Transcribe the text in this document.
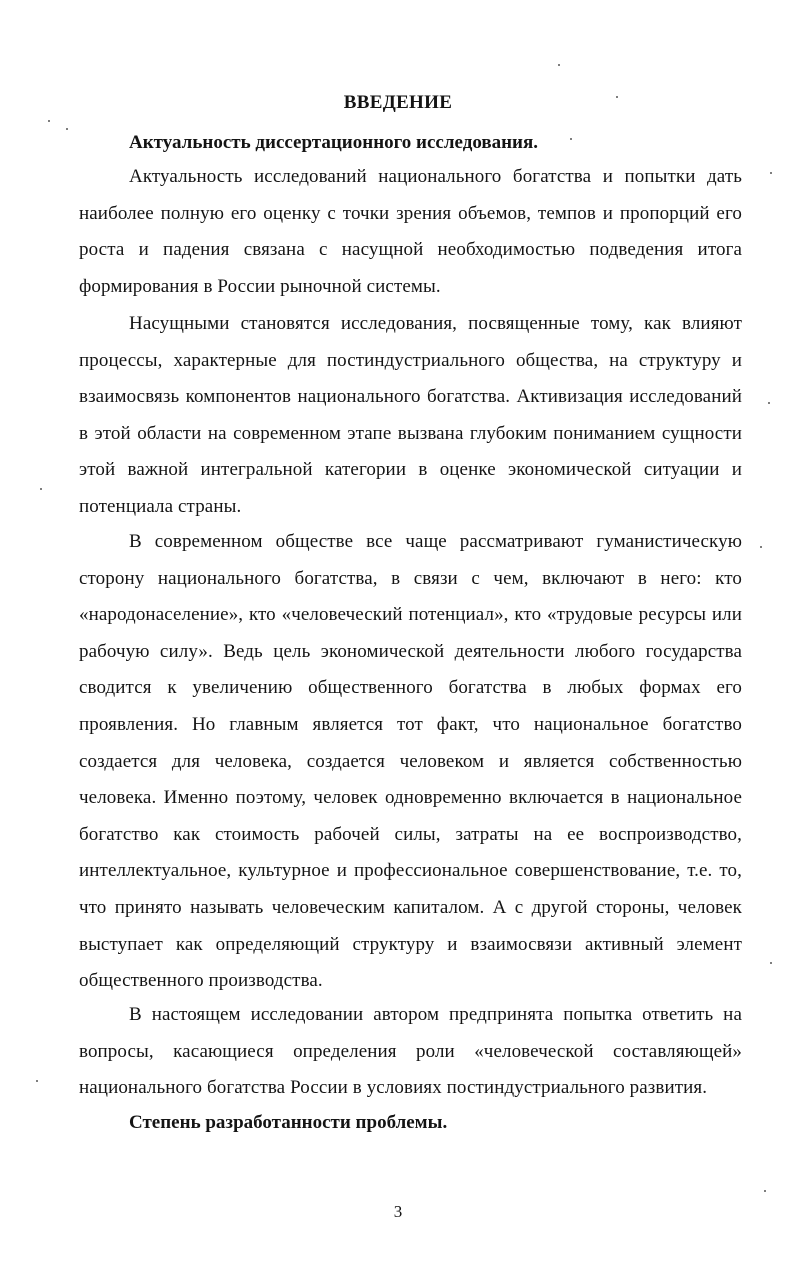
ВВЕДЕНИЕ

Актуальность диссертационного исследования.

Актуальность исследований национального богатства и попытки дать наиболее полную его оценку с точки зрения объемов, темпов и пропорций его роста и падения связана с насущной необходимостью подведения итога формирования в России рыночной системы.

Насущными становятся исследования, посвященные тому, как влияют процессы, характерные для постиндустриального общества, на структуру и взаимосвязь компонентов национального богатства. Активизация исследований в этой области на современном этапе вызвана глубоким пониманием сущности этой важной интегральной категории в оценке экономической ситуации и потенциала страны.

В современном обществе все чаще рассматривают гуманистическую сторону национального богатства, в связи с чем, включают в него: кто «народонаселение», кто «человеческий потенциал», кто «трудовые ресурсы или рабочую силу». Ведь цель экономической деятельности любого государства сводится к увеличению общественного богатства в любых формах его проявления. Но главным является тот факт, что национальное богатство создается для человека, создается человеком и является собственностью человека. Именно поэтому, человек одновременно включается в национальное богатство как стоимость рабочей силы, затраты на ее воспроизводство, интеллектуальное, культурное и профессиональное совершенствование, т.е. то, что принято называть человеческим капиталом. А с другой стороны, человек выступает как определяющий структуру и взаимосвязи активный элемент общественного производства.

В настоящем исследовании автором предпринята попытка ответить на вопросы, касающиеся определения роли «человеческой составляющей» национального богатства России в условиях постиндустриального развития.

Степень разработанности проблемы.

3
